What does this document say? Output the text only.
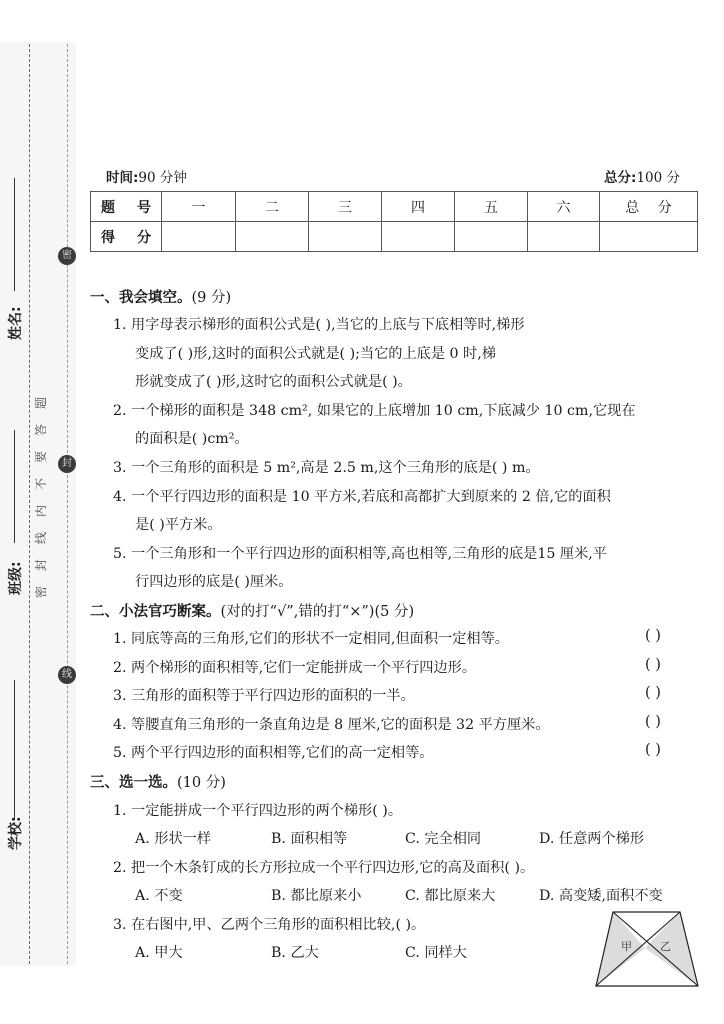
姓名:
班级:
学校:
密
封
线
时间:90 分钟	总分:100 分
题 号	一	二	三	四	五	六	总 分
得 分							
一、我会填空。(9 分)
1. 用字母表示梯形的面积公式是( ),当它的上底与下底相等时,梯形
变成了( )形,这时的面积公式就是( );当它的上底是 0 时,梯
形就变成了( )形,这时它的面积公式就是( )。
2. 一个梯形的面积是 348 cm², 如果它的上底增加 10 cm,下底减少 10 cm,它现在
的面积是( )cm²。
3. 一个三角形的面积是 5 m²,高是 2.5 m,这个三角形的底是( ) m。
4. 一个平行四边形的面积是 10 平方米,若底和高都扩大到原来的 2 倍,它的面积
是( )平方米。
5. 一个三角形和一个平行四边形的面积相等,高也相等,三角形的底是15 厘米,平
行四边形的底是( )厘米。
二、小法官巧断案。(对的打“√”,错的打“×”)(5 分)
1. 同底等高的三角形,它们的形状不一定相同,但面积一定相等。	( )
2. 两个梯形的面积相等,它们一定能拼成一个平行四边形。	( )
3. 三角形的面积等于平行四边形的面积的一半。	( )
4. 等腰直角三角形的一条直角边是 8 厘米,它的面积是 32 平方厘米。	( )
5. 两个平行四边形的面积相等,它们的高一定相等。	( )
三、选一选。(10 分)
1. 一定能拼成一个平行四边形的两个梯形( )。
A. 形状一样	B. 面积相等	C. 完全相同	D. 任意两个梯形
2. 把一个木条钉成的长方形拉成一个平行四边形,它的高及面积( )。
A. 不变	B. 都比原来小	C. 都比原来大	D. 高变矮,面积不变
3. 在右图中,甲、乙两个三角形的面积相比较,( )。
A. 甲大	B. 乙大	C. 同样大	甲	乙
